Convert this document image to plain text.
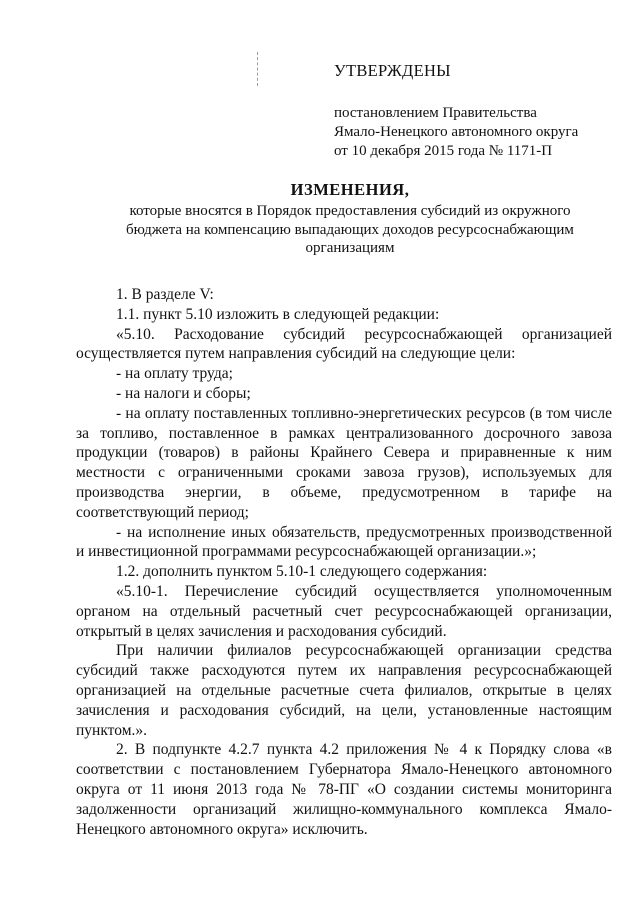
УТВЕРЖДЕНЫ
постановлением Правительства
Ямало-Ненецкого автономного округа
от 10 декабря 2015 года № 1171-П
ИЗМЕНЕНИЯ,
которые вносятся в Порядок предоставления субсидий из окружного
бюджета на компенсацию выпадающих доходов ресурсоснабжающим
организациям

1. В разделе V:

1.1. пункт 5.10 изложить в следующей редакции:

«5.10. Расходование субсидий ресурсоснабжающей организацией осуществляется путем направления субсидий на следующие цели:

- на оплату труда;

- на налоги и сборы;

- на оплату поставленных топливно-энергетических ресурсов (в том числе за топливо, поставленное в рамках централизованного досрочного завоза продукции (товаров) в районы Крайнего Севера и приравненные к ним местности с ограниченными сроками завоза грузов), используемых для производства энергии, в объеме, предусмотренном в тарифе на соответствующий период;

- на исполнение иных обязательств, предусмотренных производственной и инвестиционной программами ресурсоснабжающей организации.»;

1.2. дополнить пунктом 5.10-1 следующего содержания:

«5.10-1. Перечисление субсидий осуществляется уполномоченным органом на отдельный расчетный счет ресурсоснабжающей организации, открытый в целях зачисления и расходования субсидий.

При наличии филиалов ресурсоснабжающей организации средства субсидий также расходуются путем их направления ресурсоснабжающей организацией на отдельные расчетные счета филиалов, открытые в целях зачисления и расходования субсидий, на цели, установленные настоящим пунктом.».

2. В подпункте 4.2.7 пункта 4.2 приложения № 4 к Порядку слова «в соответствии с постановлением Губернатора Ямало-Ненецкого автономного округа от 11 июня 2013 года № 78-ПГ «О создании системы мониторинга задолженности организаций жилищно-коммунального комплекса Ямало-Ненецкого автономного округа» исключить.
